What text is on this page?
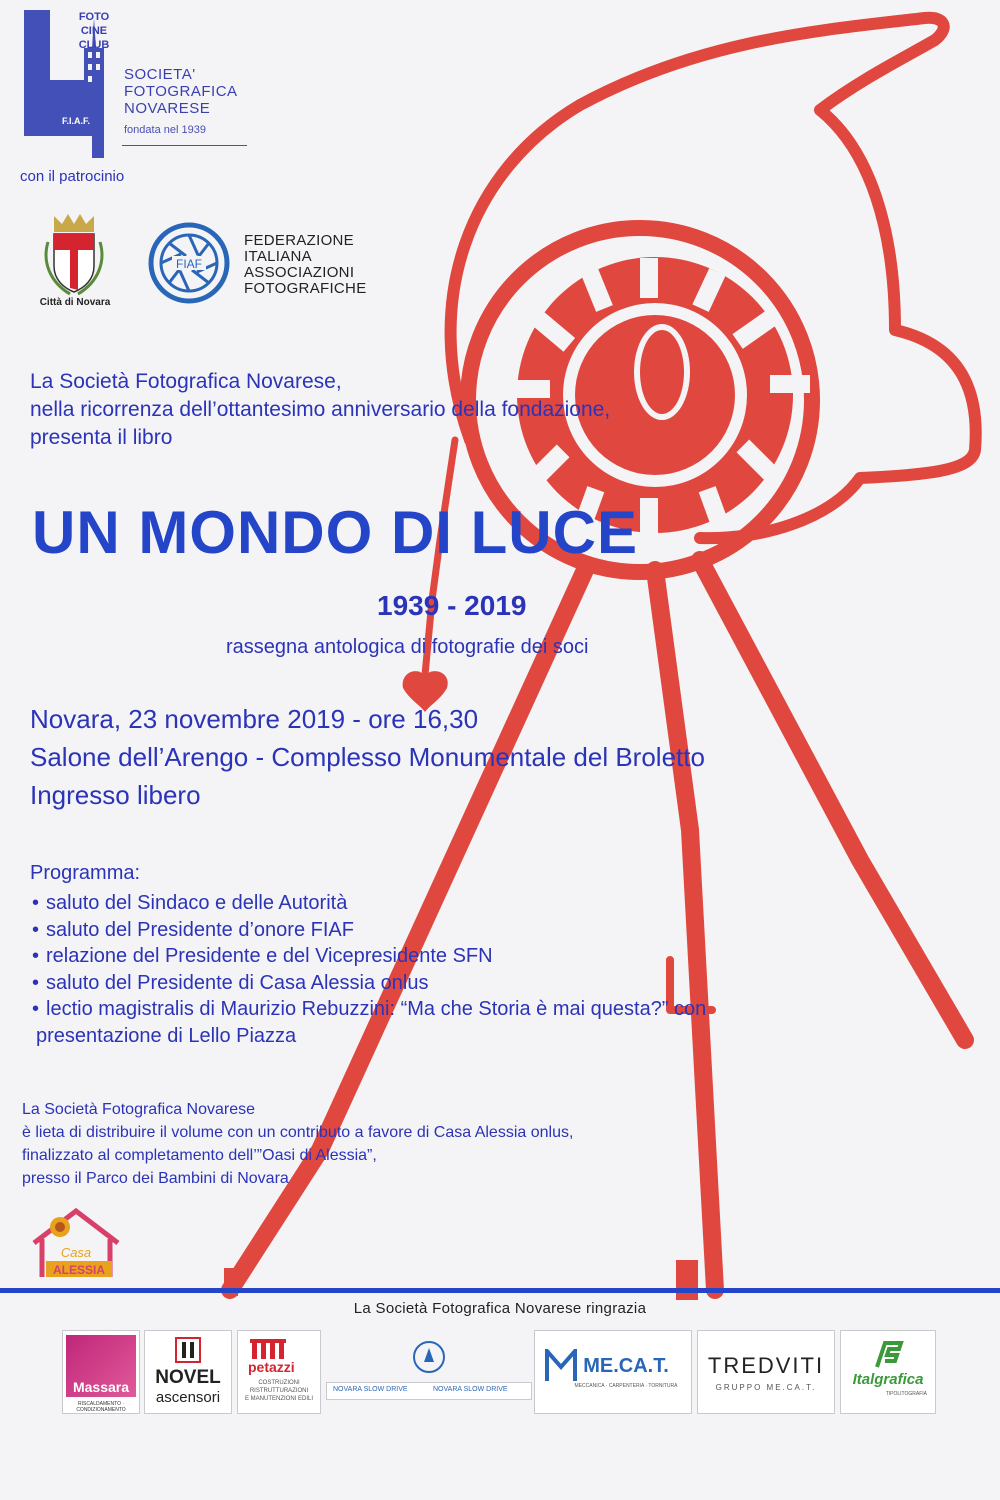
F.I.A.F.
FOTO
CINE
CLUB
SOCIETA'
FOTOGRAFICA
NOVARESE
fondata nel 1939
con il patrocinio
Città di Novara
FIAF
FEDERAZIONE
ITALIANA
ASSOCIAZIONI
FOTOGRAFICHE
La Società Fotografica Novarese,
nella ricorrenza dell’ottantesimo anniversario della fondazione,
presenta il libro
UN MONDO DI LUCE
1939 - 2019
rassegna antologica di fotografie dei soci
Novara, 23 novembre 2019 - ore 16,30
Salone dell’Arengo - Complesso Monumentale del Broletto
Ingresso libero
Programma:
• saluto del Sindaco e delle Autorità
• saluto del Presidente d’onore FIAF
• relazione del Presidente e del Vicepresidente SFN
• saluto del Presidente di Casa Alessia onlus
• lectio magistralis di Maurizio Rebuzzini: “Ma che Storia è mai questa?” con
presentazione di Lello Piazza
La Società Fotografica Novarese
è lieta di distribuire il volume con un contributo a favore di Casa Alessia onlus,
finalizzato al completamento dell’”Oasi di Alessia”,
presso il Parco dei Bambini di Novara
Casa
ALESSIA
La Società Fotografica Novarese ringrazia
Massara
RISCALDAMENTO · CONDIZIONAMENTO
NOVEL
ascensori
petazzi
COSTRUZIONI
RISTRUTTURAZIONI
E MANUTENZIONI EDILI
NOVARA SLOW DRIVE	NOVARA SLOW DRIVE
ME.CA.T.
MECCANICA · CARPENTERIA · TORNITURA
TREDVITI
GRUPPO ME.CA.T.	Italgrafica
TIPOLITOGRAFIA
